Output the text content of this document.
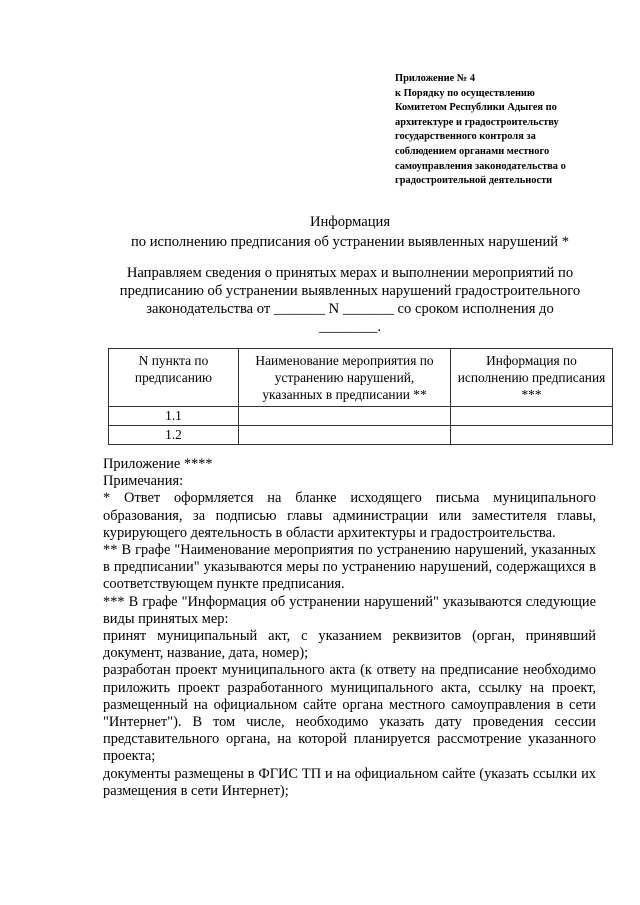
Приложение № 4
к Порядку по осуществлению
Комитетом Республики Адыгея по
архитектуре и градостроительству
государственного контроля за
соблюдением органами местного
самоуправления законодательства о
градостроительной деятельности
Информация
по исполнению предписания об устранении выявленных нарушений *
Направляем сведения о принятых мерах и выполнении мероприятий по
предписанию об устранении выявленных нарушений градостроительного
законодательства от _______ N _______ со сроком исполнения до
________.
N пункта по предписанию	Наименование мероприятия по устранению нарушений, указанных в предписании **	Информация по исполнению предписания ***
1.1		
1.2		

Приложение ****

Примечания:

* Ответ оформляется на бланке исходящего письма муниципального образования, за подписью главы администрации или заместителя главы, курирующего деятельность в области архитектуры и градостроительства.

** В графе "Наименование мероприятия по устранению нарушений, указанных в предписании" указываются меры по устранению нарушений, содержащихся в соответствующем пункте предписания.

*** В графе "Информация об устранении нарушений" указываются следующие виды принятых мер:

принят муниципальный акт, с указанием реквизитов (орган, принявший документ, название, дата, номер);

разработан проект муниципального акта (к ответу на предписание необходимо приложить проект разработанного муниципального акта, ссылку на проект, размещенный на официальном сайте органа местного самоуправления в сети "Интернет"). В том числе, необходимо указать дату проведения сессии представительного органа, на которой планируется рассмотрение указанного проекта;

документы размещены в ФГИС ТП и на официальном сайте (указать ссылки их размещения в сети Интернет);
